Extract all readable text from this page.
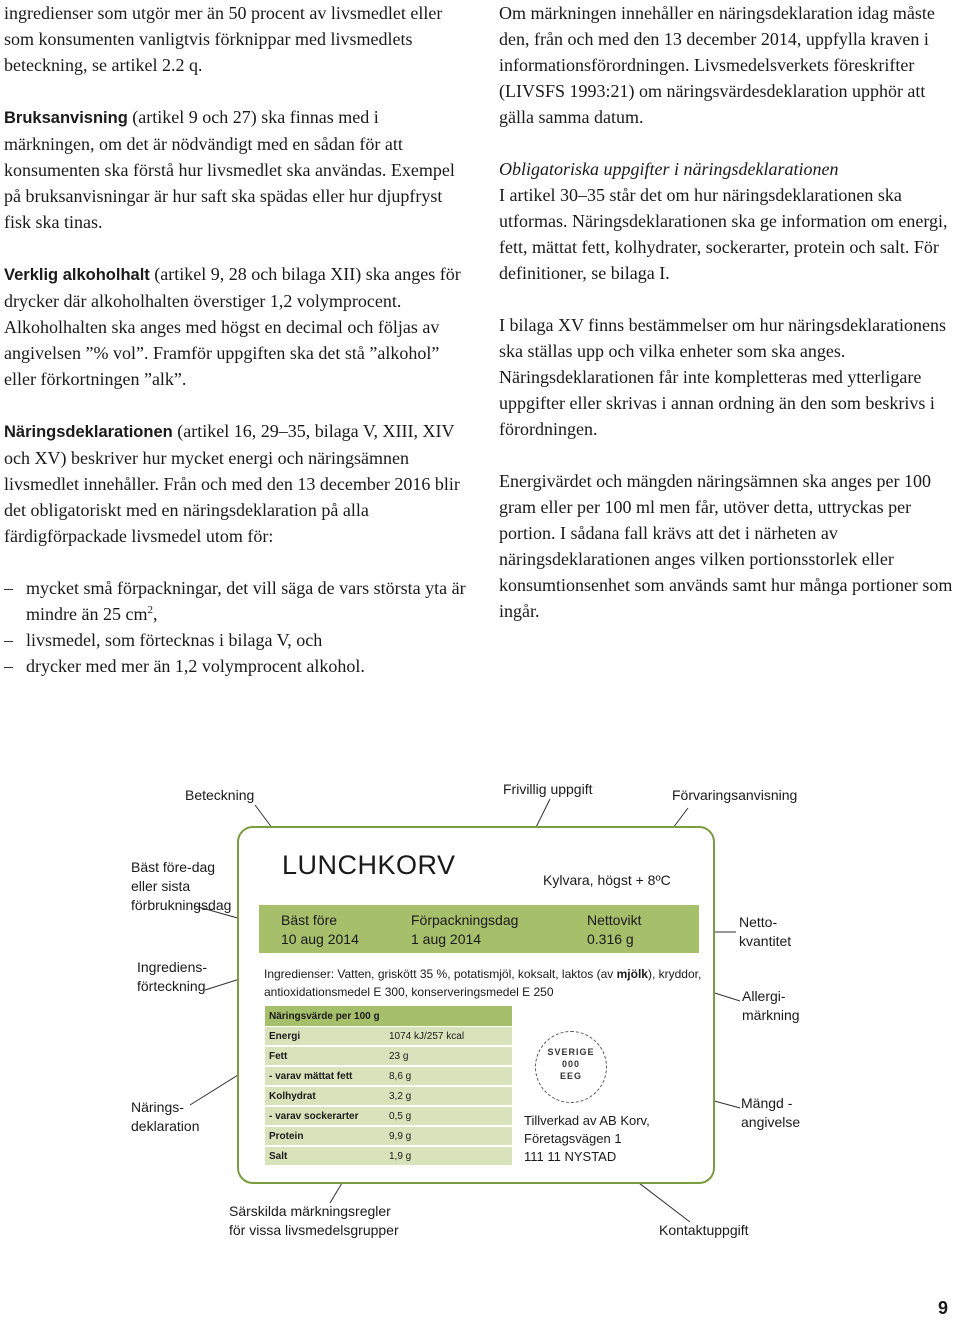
ingredienser som utgör mer än 50 procent av livsmedlet eller som konsumenten vanligtvis förknippar med livsmedlets beteckning, se artikel 2.2 q.

Bruksanvisning (artikel 9 och 27) ska finnas med i märkningen, om det är nödvändigt med en sådan för att konsumenten ska förstå hur livsmedlet ska användas. Exempel på bruksanvisningar är hur saft ska spädas eller hur djupfryst fisk ska tinas.

Verklig alkoholhalt (artikel 9, 28 och bilaga XII) ska anges för drycker där alkoholhalten överstiger 1,2 volymprocent. Alkoholhalten ska anges med högst en decimal och följas av angivelsen ”% vol”. Framför uppgiften ska det stå ”alkohol” eller förkortningen ”alk”.

Näringsdeklarationen (artikel 16, 29–35, bilaga V, XIII, XIV och XV) beskriver hur mycket energi och näringsämnen livsmedlet innehåller. Från och med den 13 december 2016 blir det obligatoriskt med en näringsdeklaration på alla färdigförpackade livsmedel utom för:

– mycket små förpackningar, det vill säga de vars största yta är mindre än 25 $cm^2$,
– livsmedel, som förtecknas i bilaga V, och
– drycker med mer än 1,2 volymprocent alkohol.

Om märkningen innehåller en näringsdeklaration idag måste den, från och med den 13 december 2014, uppfylla kraven i informationsförordningen. Livsmedelsverkets föreskrifter (LIVSFS 1993:21) om näringsvärdesdeklaration upphör att gälla samma datum.

Obligatoriska uppgifter i näringsdeklarationen
I artikel 30–35 står det om hur näringsdeklarationen ska utformas. Näringsdeklarationen ska ge information om energi, fett, mättat fett, kolhydrater, sockerarter, protein och salt. För definitioner, se bilaga I.

I bilaga XV finns bestämmelser om hur näringsdeklarationens ska ställas upp och vilka enheter som ska anges. Näringsdeklarationen får inte kompletteras med ytterligare uppgifter eller skrivas i annan ordning än den som beskrivs i förordningen.

Energivärdet och mängden näringsämnen ska anges per 100 gram eller per 100 ml men får, utöver detta, uttryckas per portion. I sådana fall krävs att det i närheten av näringsdeklarationen anges vilken portionsstorlek eller konsumtionsenhet som används samt hur många portioner som ingår.

Beteckning	Frivillig uppgift	Förvaringsanvisning
Bäst före-dag
eller sista
förbrukningsdag
Ingrediens-
förteckning
Närings-
deklaration
Netto-
kvantitet
Allergi-
märkning
Mängd -
angivelse
Särskilda märkningsregler
för vissa livsmedelsgrupper	Kontaktuppgift
LUNCHKORV	Kylvara, högst + 8ºC
Bäst före
10 aug 2014
Förpackningsdag
1 aug 2014
Nettovikt
0.316 g
Ingredienser: Vatten, griskött 35 %, potatismjöl, koksalt, laktos (av mjölk), kryddor, antioxidationsmedel E 300, konserveringsmedel E 250
Näringsvärde per 100 g	
Energi	1074 kJ/257 kcal
Fett	23 g
- varav mättat fett	8,6 g
Kolhydrat	3,2 g
- varav sockerarter	0,5 g
Protein	9,9 g
Salt	1,9 g
SVERIGE
000
EEG
Tillverkad av AB Korv,
Företagsvägen 1
111 11 NYSTAD
9
